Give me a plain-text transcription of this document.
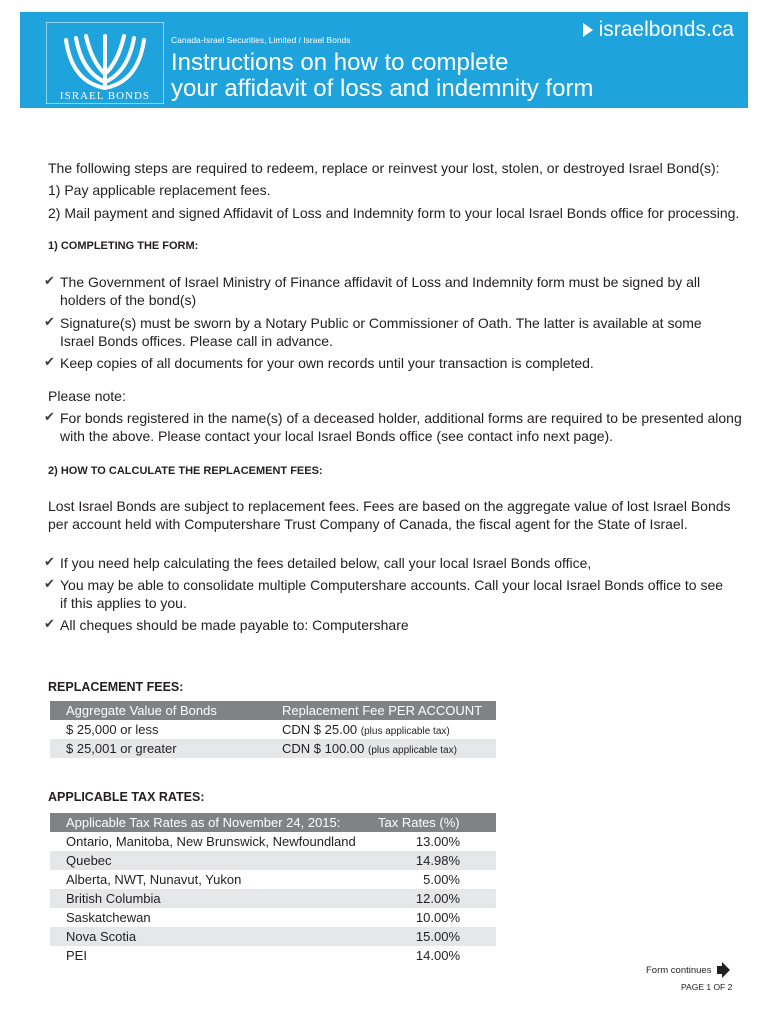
ISRAEL BONDS
Canada-Israel Securities, Limited / Israel Bonds	israelbonds.ca
Instructions on how to complete
your affidavit of loss and indemnity form
The following steps are required to redeem, replace or reinvest your lost, stolen, or destroyed Israel Bond(s):
1) Pay applicable replacement fees.
2) Mail payment and signed Affidavit of Loss and Indemnity form to your local Israel Bonds office for processing.
1) COMPLETING THE FORM:
✔ The Government of Israel Ministry of Finance affidavit of Loss and Indemnity form must be signed by all
holders of the bond(s)
✔ Signature(s) must be sworn by a Notary Public or Commissioner of Oath. The latter is available at some
Israel Bonds offices. Please call in advance.
✔ Keep copies of all documents for your own records until your transaction is completed.
Please note:
✔ For bonds registered in the name(s) of a deceased holder, additional forms are required to be presented along
with the above. Please contact your local Israel Bonds office (see contact info next page).
2) HOW TO CALCULATE THE REPLACEMENT FEES:
Lost Israel Bonds are subject to replacement fees. Fees are based on the aggregate value of lost Israel Bonds
per account held with Computershare Trust Company of Canada, the fiscal agent for the State of Israel.
✔ If you need help calculating the fees detailed below, call your local Israel Bonds office,
✔ You may be able to consolidate multiple Computershare accounts. Call your local Israel Bonds office to see
if this applies to you.
✔ All cheques should be made payable to: Computershare
REPLACEMENT FEES:
Aggregate Value of Bonds	Replacement Fee PER ACCOUNT
$ 25,000 or less	CDN $ 25.00 (plus applicable tax)
$ 25,001 or greater	CDN $ 100.00 (plus applicable tax)
APPLICABLE TAX RATES:
Applicable Tax Rates as of November 24, 2015:	Tax Rates (%)
Ontario, Manitoba, New Brunswick, Newfoundland	13.00%
Quebec	14.98%
Alberta, NWT, Nunavut, Yukon	5.00%
British Columbia	12.00%
Saskatchewan	10.00%
Nova Scotia	15.00%
PEI	14.00%
Form continues
PAGE 1 OF 2
